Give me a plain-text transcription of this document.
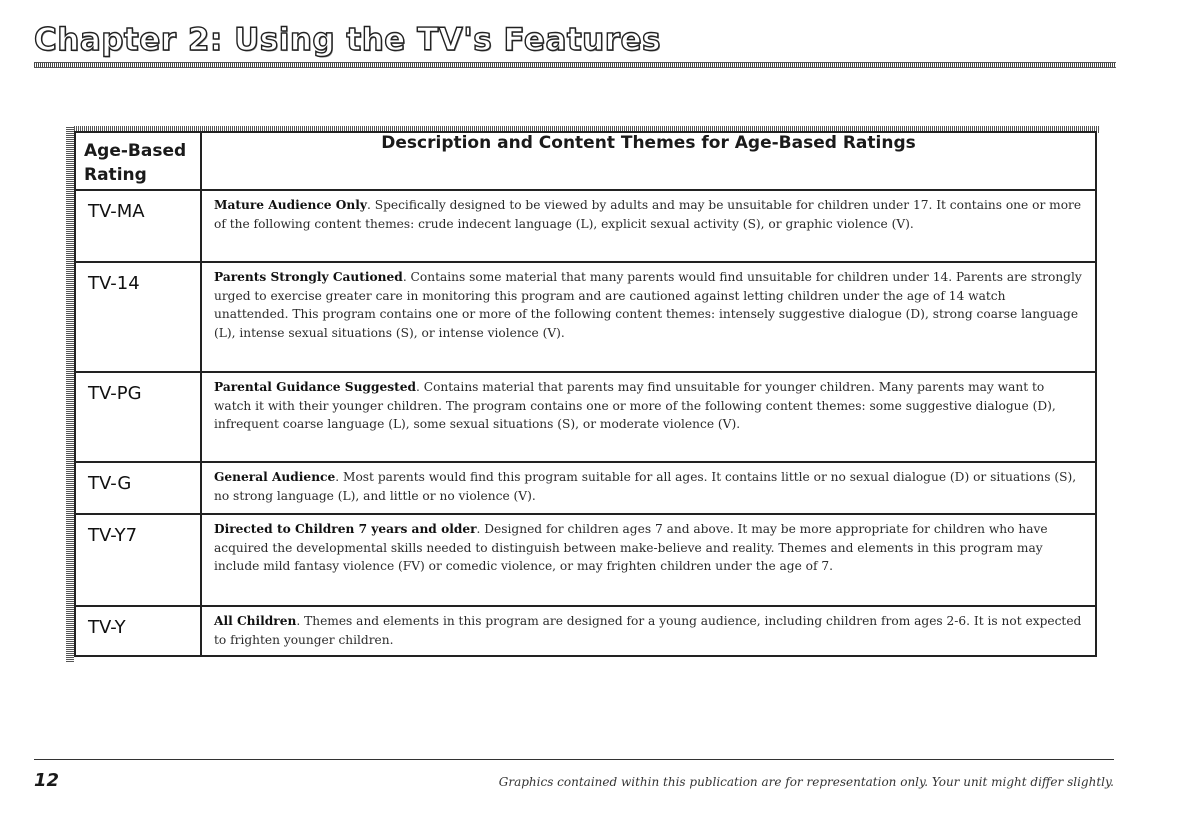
Chapter 2: Using the TV's Features
Age-Based Rating	Description and Content Themes for Age-Based Ratings
TV-MA	Mature Audience Only. Specifically designed to be viewed by adults and may be unsuitable for children under 17. It contains one or more of the following content themes: crude indecent language (L), explicit sexual activity (S), or graphic violence (V).
TV-14	Parents Strongly Cautioned. Contains some material that many parents would find unsuitable for children under 14. Parents are strongly urged to exercise greater care in monitoring this program and are cautioned against letting children under the age of 14 watch unattended. This program contains one or more of the following content themes: intensely suggestive dialogue (D), strong coarse language (L), intense sexual situations (S), or intense violence (V).
TV-PG	Parental Guidance Suggested. Contains material that parents may find unsuitable for younger children. Many parents may want to watch it with their younger children. The program contains one or more of the following content themes: some suggestive dialogue (D), infrequent coarse language (L), some sexual situations (S), or moderate violence (V).
TV-G	General Audience. Most parents would find this program suitable for all ages. It contains little or no sexual dialogue (D) or situations (S), no strong language (L), and little or no violence (V).
TV-Y7	Directed to Children 7 years and older. Designed for children ages 7 and above. It may be more appropriate for children who have acquired the developmental skills needed to distinguish between make-believe and reality. Themes and elements in this program may include mild fantasy violence (FV) or comedic violence, or may frighten children under the age of 7.
TV-Y	All Children. Themes and elements in this program are designed for a young audience, including children from ages 2-6. It is not expected to frighten younger children.
12	Graphics contained within this publication are for representation only. Your unit might differ slightly.
